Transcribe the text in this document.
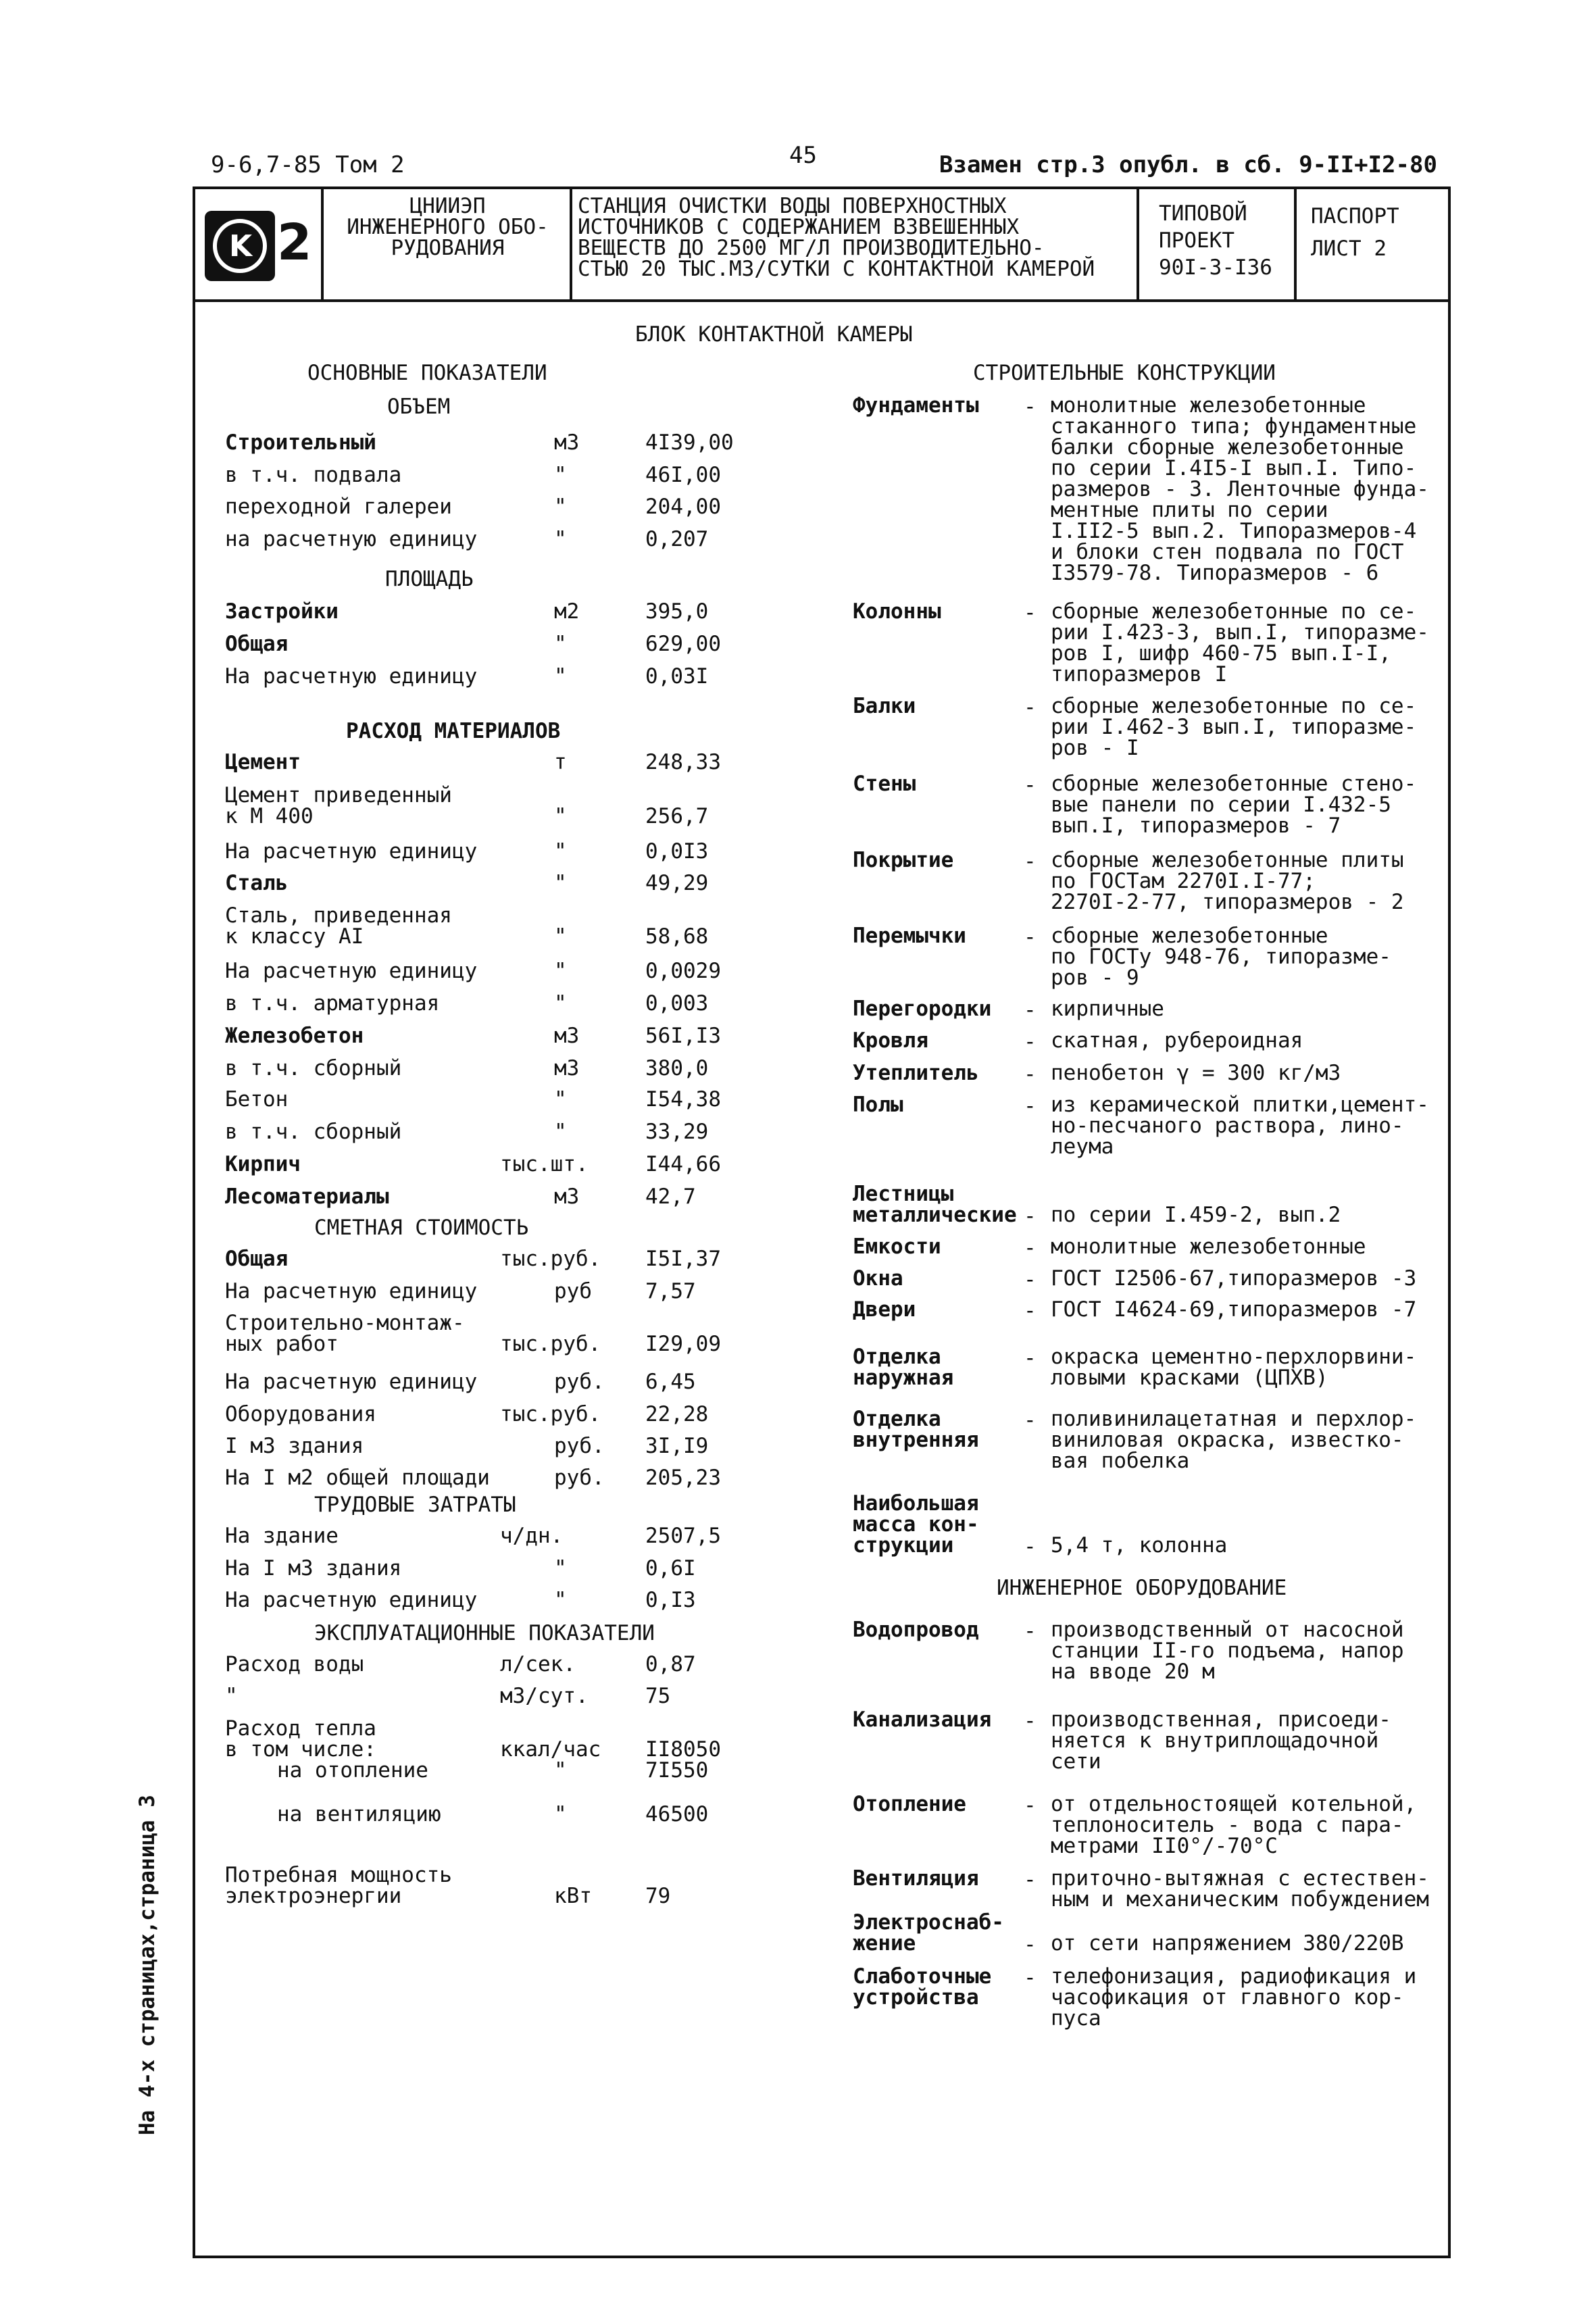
9-6,7-85 Том 2	45	Взамен стр.3 опубл. в сб. 9-II+I2-80
K 2
ЦНИИЭП
ИНЖЕНЕРНОГО ОБО-
РУДОВАНИЯ
СТАНЦИЯ ОЧИСТКИ ВОДЫ ПОВЕРХНОСТНЫХ
ИСТОЧНИКОВ С СОДЕРЖАНИЕМ ВЗВЕШЕННЫХ
ВЕЩЕСТВ ДО 2500 МГ/Л ПРОИЗВОДИТЕЛЬНО-
СТЬЮ 20 ТЫС.М3/СУТКИ С КОНТАКТНОЙ КАМЕРОЙ
ТИПОВОЙ
ПРОЕКТ
90I-3-I36
ПАСПОРТ
ЛИСТ 2
БЛОК КОНТАКТНОЙ КАМЕРЫ
ОСНОВНЫЕ ПОКАЗАТЕЛИ	СТРОИТЕЛЬНЫЕ КОНСТРУКЦИИ
ОБЪЕМ
ПЛОЩАДЬ
РАСХОД МАТЕРИАЛОВ
СМЕТНАЯ СТОИМОСТЬ
ТРУДОВЫЕ ЗАТРАТЫ
ЭКСПЛУАТАЦИОННЫЕ ПОКАЗАТЕЛИ
ИНЖЕНЕРНОЕ ОБОРУДОВАНИЕ
Строительный	м3	4I39,00
в т.ч. подвала	"	46I,00
переходной галереи	"	204,00
на расчетную единицу	"	0,207
Застройки	м2	395,0
Общая	"	629,00
На расчетную единицу	"	0,03I
Цемент	т	248,33
Цемент приведенный
к М 400	"	256,7
На расчетную единицу	"	0,0I3
Сталь	"	49,29
Сталь, приведенная
к классу AI	"	58,68
На расчетную единицу	"	0,0029
в т.ч. арматурная	"	0,003
Железобетон	м3	56I,I3
в т.ч. сборный	м3	380,0
Бетон	"	I54,38
в т.ч. сборный	"	33,29
Кирпич	тыс.шт.	I44,66
Лесоматериалы	м3	42,7
Общая	тыс.руб. I5I,37
На расчетную единицу	руб	7,57
Строительно-монтаж-
ных работ	тыс.руб. I29,09
На расчетную единицу	руб. 6,45
Оборудования	тыс.руб. 22,28
I м3 здания	руб. 3I,I9
На I м2 общей площади	руб. 205,23
На здание	ч/дн.	2507,5
На I м3 здания	"	0,6I
На расчетную единицу	"	0,I3
Расход воды	л/сек.	0,87
"	м3/сут.	75
Расход тепла
в том числе:	ккал/час II8050
на отопление	"	7I550
на вентиляцию	"	46500
Потребная мощность
электроэнергии	кВт	79
Фундаменты - монолитные железобетонные
стаканного типа; фундаментные
балки сборные железобетонные
по серии I.4I5-I вып.I. Типо-
размеров - 3. Ленточные фунда-
ментные плиты по серии
I.II2-5 вып.2. Типоразмеров-4
и блоки стен подвала по ГОСТ
I3579-78. Типоразмеров - 6
Колонны	- сборные железобетонные по се-
рии I.423-3, вып.I, типоразме-
ров I, шифр 460-75 вып.I-I,
типоразмеров I
Балки	- сборные железобетонные по се-
рии I.462-3 вып.I, типоразме-
ров - I
Стены	- сборные железобетонные стено-
вые панели по серии I.432-5
вып.I, типоразмеров - 7
Покрытие	- сборные железобетонные плиты
по ГОСТам 2270I.I-77;
2270I-2-77, типоразмеров - 2
Перемычки	- сборные железобетонные
по ГОСТу 948-76, типоразме-
ров - 9
Перегородки - кирпичные
Кровля	- скатная, рубероидная
Утеплитель - пенобетон γ = 300 кг/м3
Полы	- из керамической плитки,цемент-
но-песчаного раствора, лино-
леума
Лестницы
металлические - по серии I.459-2, вып.2
Емкости	- монолитные железобетонные
Окна	- ГОСТ I2506-67,типоразмеров -3
Двери	- ГОСТ I4624-69,типоразмеров -7
Отделка
наружная
- окраска цементно-перхлорвини-
ловыми красками (ЦПХВ)
Отделка
внутренняя
- поливинилацетатная и перхлор-
виниловая окраска, известко-
вая побелка
Наибольшая
масса кон-
струкции	- 5,4 т, колонна
Водопровод - производственный от насосной
станции II-го подъема, напор
на вводе 20 м
Канализация - производственная, присоеди-
няется к внутриплощадочной
сети
Отопление	- от отдельностоящей котельной,
теплоноситель - вода с пара-
метрами II0°/-70°С
Вентиляция - приточно-вытяжная с естествен-
ным и механическим побуждением
Электроснаб-
жение	- от сети напряжением 380/220В
Слаботочные
устройства
- телефонизация, радиофикация и
часофикация от главного кор-
пуса
На 4-х страницах,страница 3
